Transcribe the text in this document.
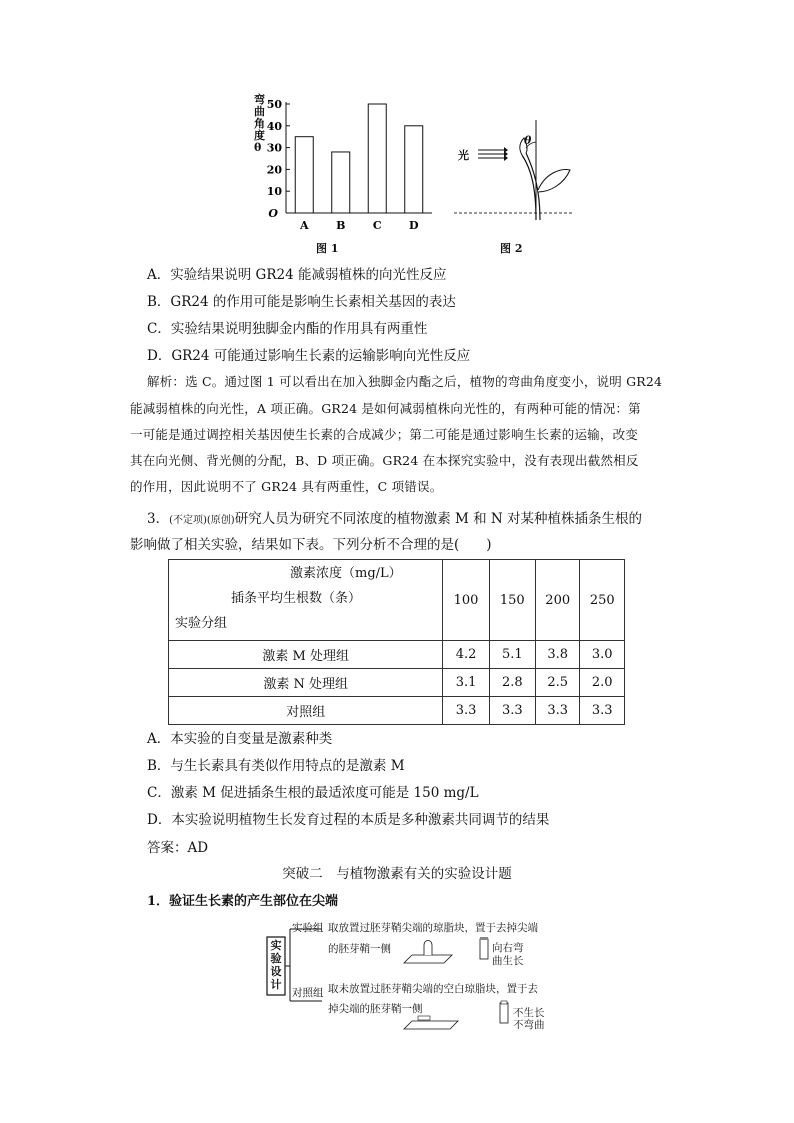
50
40
30
20
10
O
A	B C D
图 1
弯曲角度θ
光
θ
图 2
A．实验结果说明 GR24 能减弱植株的向光性反应
B．GR24 的作用可能是影响生长素相关基因的表达
C．实验结果说明独脚金内酯的作用具有两重性
D．GR24 可能通过影响生长素的运输影响向光性反应
解析：选 C。通过图 1 可以看出在加入独脚金内酯之后，植物的弯曲角度变小，说明 GR24
能减弱植株的向光性，A 项正确。GR24 是如何减弱植株向光性的，有两种可能的情况：第
一可能是通过调控相关基因使生长素的合成减少；第二可能是通过影响生长素的运输，改变
其在向光侧、背光侧的分配，B、D 项正确。GR24 在本探究实验中，没有表现出截然相反
的作用，因此说明不了 GR24 具有两重性，C 项错误。
3．(不定项)(原创)研究人员为研究不同浓度的植物激素 M 和 N 对某种植株插条生根的
影响做了相关实验，结果如下表。下列分析不合理的是(　　)
激素浓度（mg/L）
插条平均生根数（条）
实验分组	100	150	200	250
激素 M 处理组	4.2	5.1	3.8	3.0
激素 N 处理组	3.1	2.8	2.5	2.0
对照组	3.3	3.3	3.3	3.3
A．本实验的自变量是激素种类
B．与生长素具有类似作用特点的是激素 M
C．激素 M 促进插条生根的最适浓度可能是 150 mg/L
D．本实验说明植物生长发育过程的本质是多种激素共同调节的结果
答案：AD
突破二　与植物激素有关的实验设计题
1．验证生长素的产生部位在尖端
实
验
设
计
实验组 取放置过胚芽鞘尖端的琼脂块，置于去掉尖端
的胚芽鞘一侧	向右弯
曲生长
对照组 取未放置过胚芽鞘尖端的空白琼脂块，置于去
掉尖端的胚芽鞘一侧	不生长
不弯曲
